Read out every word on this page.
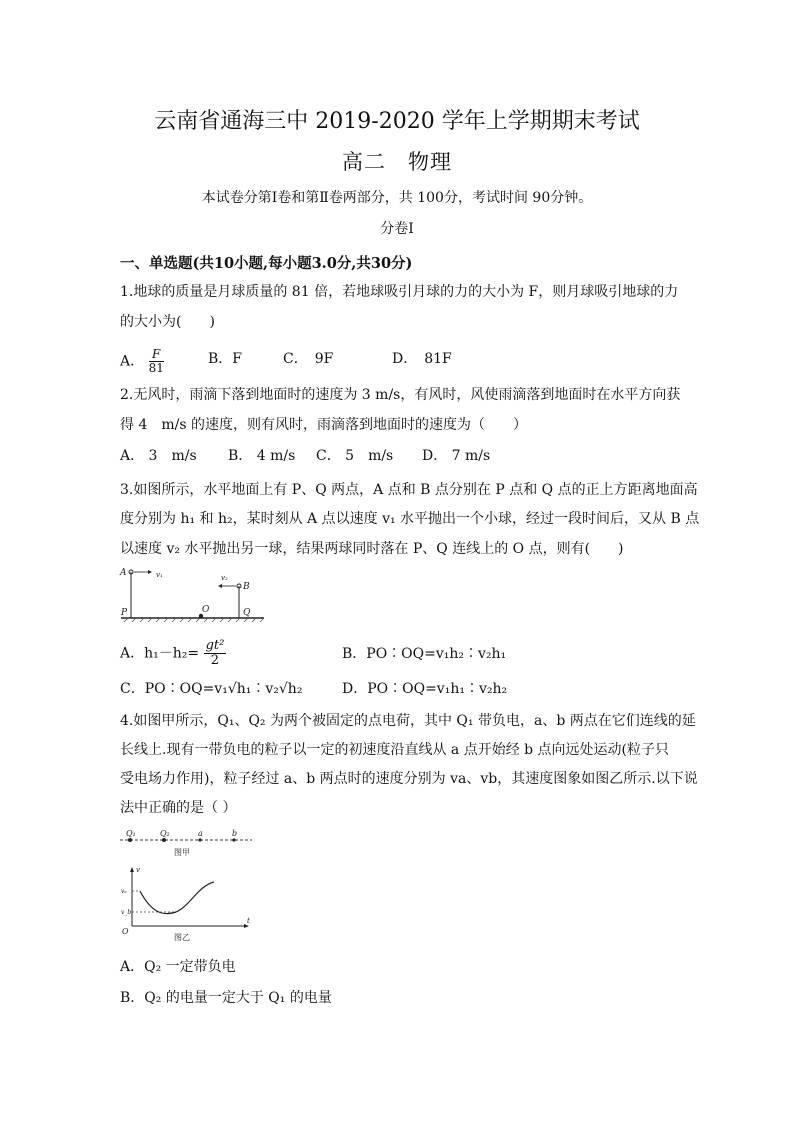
云南省通海三中 2019-2020 学年上学期期末考试
高二　物理
本试卷分第Ⅰ卷和第Ⅱ卷两部分，共 100分，考试时间 90分钟。
分卷Ⅰ
一、单选题(共10小题,每小题3.0分,共30分)
1.地球的质量是月球质量的 81 倍，若地球吸引月球的力的大小为 F，则月球吸引地球的力
的大小为(　　)
A． $\frac{F}{81}$	B．F	C．　9F	D．　81F
2.无风时，雨滴下落到地面时的速度为 3 m/s，有风时，风使雨滴落到地面时在水平方向获
得 4　m/s 的速度，则有风时，雨滴落到地面时的速度为（　　）
A． 3　m/s B． 4 m/s C． 5　m/s D． 7 m/s
3.如图所示，水平地面上有 P、Q 两点，A 点和 B 点分别在 P 点和 Q 点的正上方距离地面高
度分别为 h₁ 和 h₂，某时刻从 A 点以速度 v₁ 水平抛出一个小球，经过一段时间后，又从 B 点
以速度 v₂ 水平抛出另一球，结果两球同时落在 P、Q 连线上的 O 点，则有(　　)
A	v₁	v₂
B
P	O	Q
A．$h_1-h_2= \frac{\text{gt²}}{2}$	B．PO∶OQ=v₁h₂∶v₂h₁
C．PO∶OQ=v₁√h₁∶v₂√h₂	D．PO∶OQ=v₁h₁∶v₂h₂
4.如图甲所示，Q₁、Q₂ 为两个被固定的点电荷，其中 Q₁ 带负电，a、b 两点在它们连线的延
长线上.现有一带负电的粒子以一定的初速度沿直线从 a 点开始经 b 点向远处运动(粒子只
受电场力作用)，粒子经过 a、b 两点时的速度分别为 va、vb，其速度图象如图乙所示.以下说
法中正确的是（ ）
Q₁	Q₂	a	b
图甲
v
t
O
vₐ
v_b
图乙
A．Q₂ 一定带负电
B．Q₂ 的电量一定大于 Q₁ 的电量
